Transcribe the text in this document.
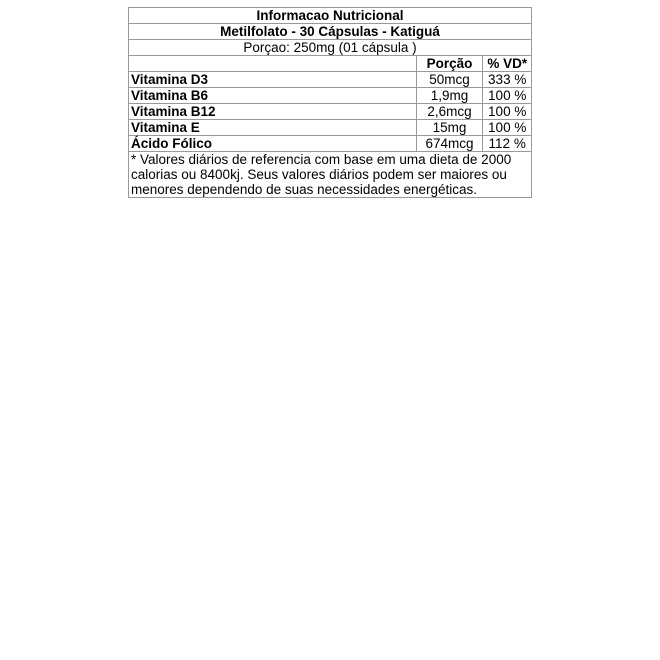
Informacao Nutricional		
Metilfolato - 30 Cápsulas - Katiguá		
Porçao: 250mg (01 cápsula )		
	Porção	% VD*
Vitamina D3	50mcg	333 %
Vitamina B6	1,9mg	100 %
Vitamina B12	2,6mcg	100 %
Vitamina E	15mg	100 %
Ácido Fólico	674mcg	112 %
* Valores diários de referencia com base em uma dieta de 2000 calorias ou 8400kj. Seus valores diários podem ser maiores ou menores dependendo de suas necessidades energéticas.		
